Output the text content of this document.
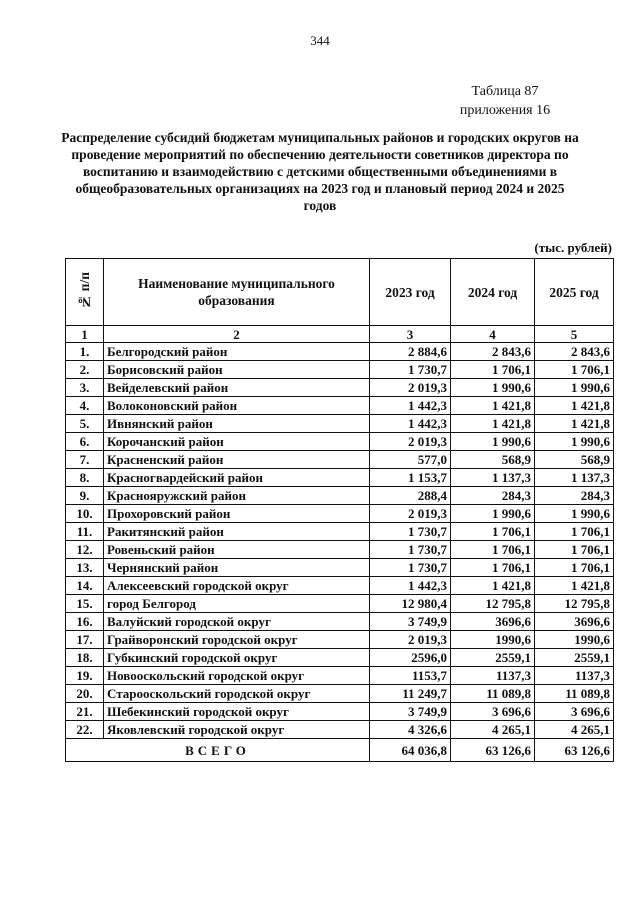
344
Таблица 87
приложения 16
Распределение субсидий бюджетам муниципальных районов и городских округов на проведение мероприятий по обеспечению деятельности советников директора по воспитанию и взаимодействию с детскими общественными объединениями в общеобразовательных организациях на 2023 год и плановый период 2024 и 2025 годов
(тыс. рублей)
№ п/п	Наименование муниципального образования	2023 год	2024 год	2025 год
1	2	3	4	5
1.	Белгородский район	2 884,6	2 843,6	2 843,6
2.	Борисовский район	1 730,7	1 706,1	1 706,1
3.	Вейделевский район	2 019,3	1 990,6	1 990,6
4.	Волоконовский район	1 442,3	1 421,8	1 421,8
5.	Ивнянский район	1 442,3	1 421,8	1 421,8
6.	Корочанский район	2 019,3	1 990,6	1 990,6
7.	Красненский район	577,0	568,9	568,9
8.	Красногвардейский район	1 153,7	1 137,3	1 137,3
9.	Краснояружский район	288,4	284,3	284,3
10.	Прохоровский район	2 019,3	1 990,6	1 990,6
11.	Ракитянский район	1 730,7	1 706,1	1 706,1
12.	Ровеньский район	1 730,7	1 706,1	1 706,1
13.	Чернянский район	1 730,7	1 706,1	1 706,1
14.	Алексеевский городской округ	1 442,3	1 421,8	1 421,8
15.	город Белгород	12 980,4	12 795,8	12 795,8
16.	Валуйский городской округ	3 749,9	3696,6	3696,6
17.	Грайворонский городской округ	2 019,3	1990,6	1990,6
18.	Губкинский городской округ	2596,0	2559,1	2559,1
19.	Новооскольский городской округ	1153,7	1137,3	1137,3
20.	Старооскольский городской округ	11 249,7	11 089,8	11 089,8
21.	Шебекинский городской округ	3 749,9	3 696,6	3 696,6
22.	Яковлевский городской округ	4 326,6	4 265,1	4 265,1
ВСЕГО		64 036,8	63 126,6	63 126,6
